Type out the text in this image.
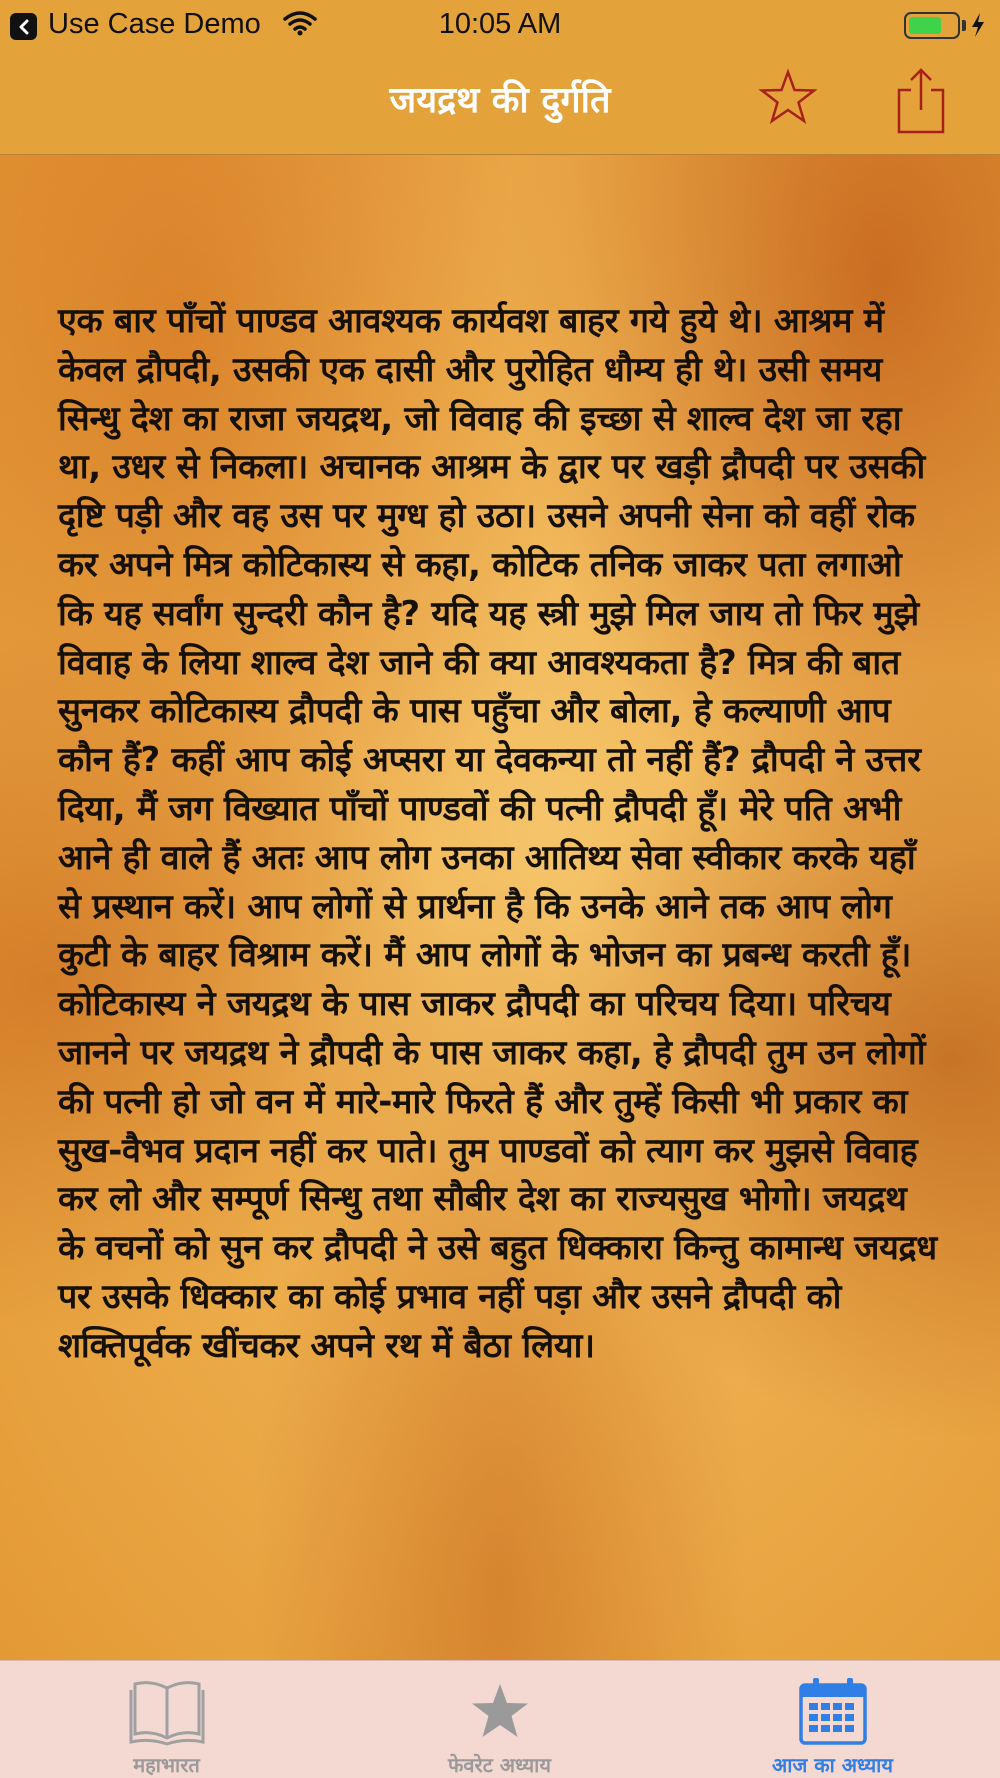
Use Case Demo	10:05 AM
जयद्रथ की दुर्गति

एक बार पाँचों पाण्डव आवश्यक कार्यवश बाहर गये हुये थे। आश्रम में केवल द्रौपदी, उसकी एक दासी और पुरोहित धौम्य ही थे। उसी समय सिन्धु देश का राजा जयद्रथ, जो विवाह की इच्छा से शाल्व देश जा रहा था, उधर से निकला। अचानक आश्रम के द्वार पर खड़ी द्रौपदी पर उसकी दृष्टि पड़ी और वह उस पर मुग्ध हो उठा। उसने अपनी सेना को वहीं रोक कर अपने मित्र कोटिकास्य से कहा, कोटिक तनिक जाकर पता लगाओ कि यह सर्वांग सुन्दरी कौन है? यदि यह स्त्री मुझे मिल जाय तो फिर मुझे विवाह के लिया शाल्व देश जाने की क्या आवश्यकता है? मित्र की बात सुनकर कोटिकास्य द्रौपदी के पास पहुँचा और बोला, हे कल्याणी आप कौन हैं? कहीं आप कोई अप्सरा या देवकन्या तो नहीं हैं? द्रौपदी ने उत्तर दिया, मैं जग विख्यात पाँचों पाण्डवों की पत्नी द्रौपदी हूँ। मेरे पति अभी आने ही वाले हैं अतः आप लोग उनका आतिथ्य सेवा स्वीकार करके यहाँ से प्रस्थान करें। आप लोगों से प्रार्थना है कि उनके आने तक आप लोग कुटी के बाहर विश्राम करें। मैं आप लोगों के भोजन का प्रबन्ध करती हूँ। कोटिकास्य ने जयद्रथ के पास जाकर द्रौपदी का परिचय दिया। परिचय जानने पर जयद्रथ ने द्रौपदी के पास जाकर कहा, हे द्रौपदी तुम उन लोगों की पत्नी हो जो वन में मारे-मारे फिरते हैं और तुम्हें किसी भी प्रकार का सुख-वैभव प्रदान नहीं कर पाते। तुम पाण्डवों को त्याग कर मुझसे विवाह कर लो और सम्पूर्ण सिन्धु तथा सौबीर देश का राज्यसुख भोगो। जयद्रथ के वचनों को सुन कर द्रौपदी ने उसे बहुत धिक्कारा किन्तु कामान्ध जयद्रध पर उसके धिक्कार का कोई प्रभाव नहीं पड़ा और उसने द्रौपदी को शक्तिपूर्वक खींचकर अपने रथ में बैठा लिया।

महाभारत	फेवरेट अध्याय	आज का अध्याय
